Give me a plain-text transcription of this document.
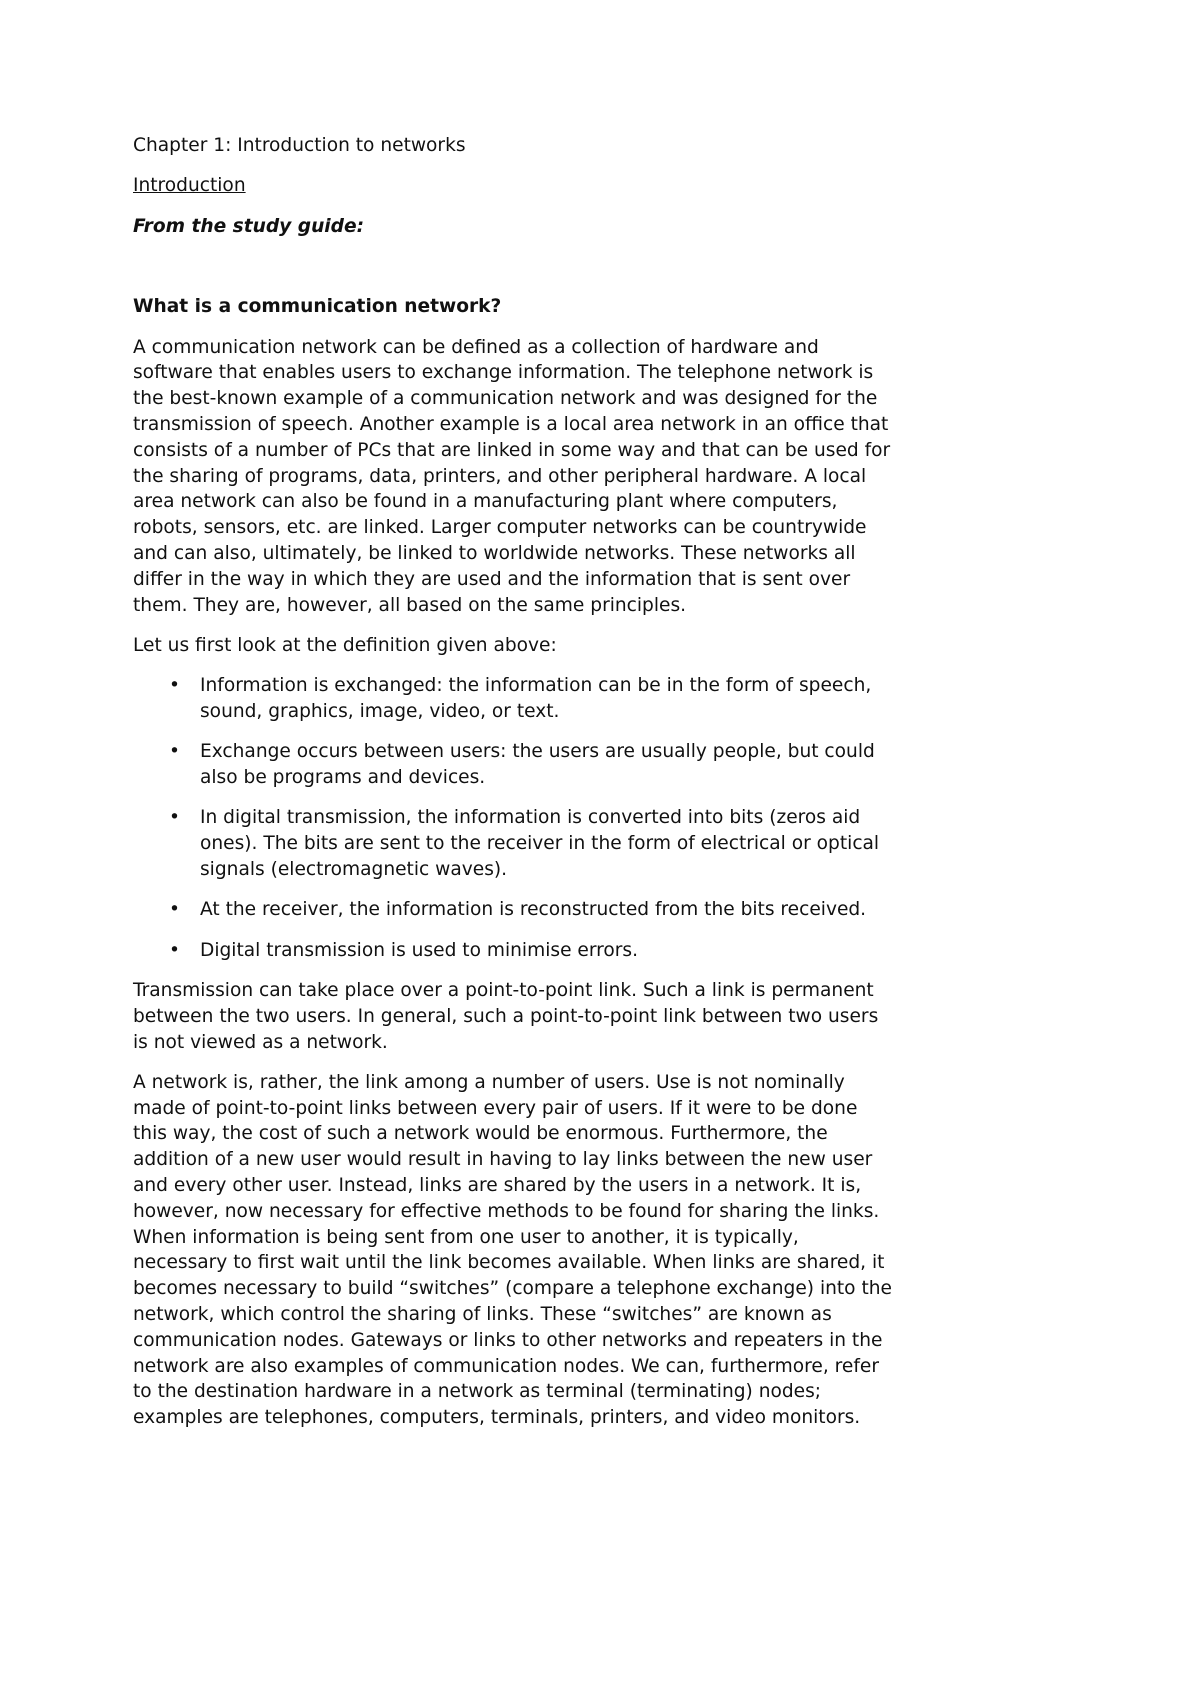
Chapter 1: Introduction to networks
Introduction
From the study guide:
What is a communication network?
A communication network can be defined as a collection of hardware and
software that enables users to exchange information. The telephone network is
the best-known example of a communication network and was designed for the
transmission of speech. Another example is a local area network in an office that
consists of a number of PCs that are linked in some way and that can be used for
the sharing of programs, data, printers, and other peripheral hardware. A local
area network can also be found in a manufacturing plant where computers,
robots, sensors, etc. are linked. Larger computer networks can be countrywide
and can also, ultimately, be linked to worldwide networks. These networks all
differ in the way in which they are used and the information that is sent over
them. They are, however, all based on the same principles.
Let us first look at the definition given above:
• Information is exchanged: the information can be in the form of speech,
sound, graphics, image, video, or text.
• Exchange occurs between users: the users are usually people, but could
also be programs and devices.
• In digital transmission, the information is converted into bits (zeros aid
ones). The bits are sent to the receiver in the form of electrical or optical
signals (electromagnetic waves).
• At the receiver, the information is reconstructed from the bits received.
• Digital transmission is used to minimise errors.
Transmission can take place over a point-to-point link. Such a link is permanent
between the two users. In general, such a point-to-point link between two users
is not viewed as a network.
A network is, rather, the link among a number of users. Use is not nominally
made of point-to-point links between every pair of users. If it were to be done
this way, the cost of such a network would be enormous. Furthermore, the
addition of a new user would result in having to lay links between the new user
and every other user. Instead, links are shared by the users in a network. It is,
however, now necessary for effective methods to be found for sharing the links.
When information is being sent from one user to another, it is typically,
necessary to first wait until the link becomes available. When links are shared, it
becomes necessary to build “switches” (compare a telephone exchange) into the
network, which control the sharing of links. These “switches” are known as
communication nodes. Gateways or links to other networks and repeaters in the
network are also examples of communication nodes. We can, furthermore, refer
to the destination hardware in a network as terminal (terminating) nodes;
examples are telephones, computers, terminals, printers, and video monitors.
